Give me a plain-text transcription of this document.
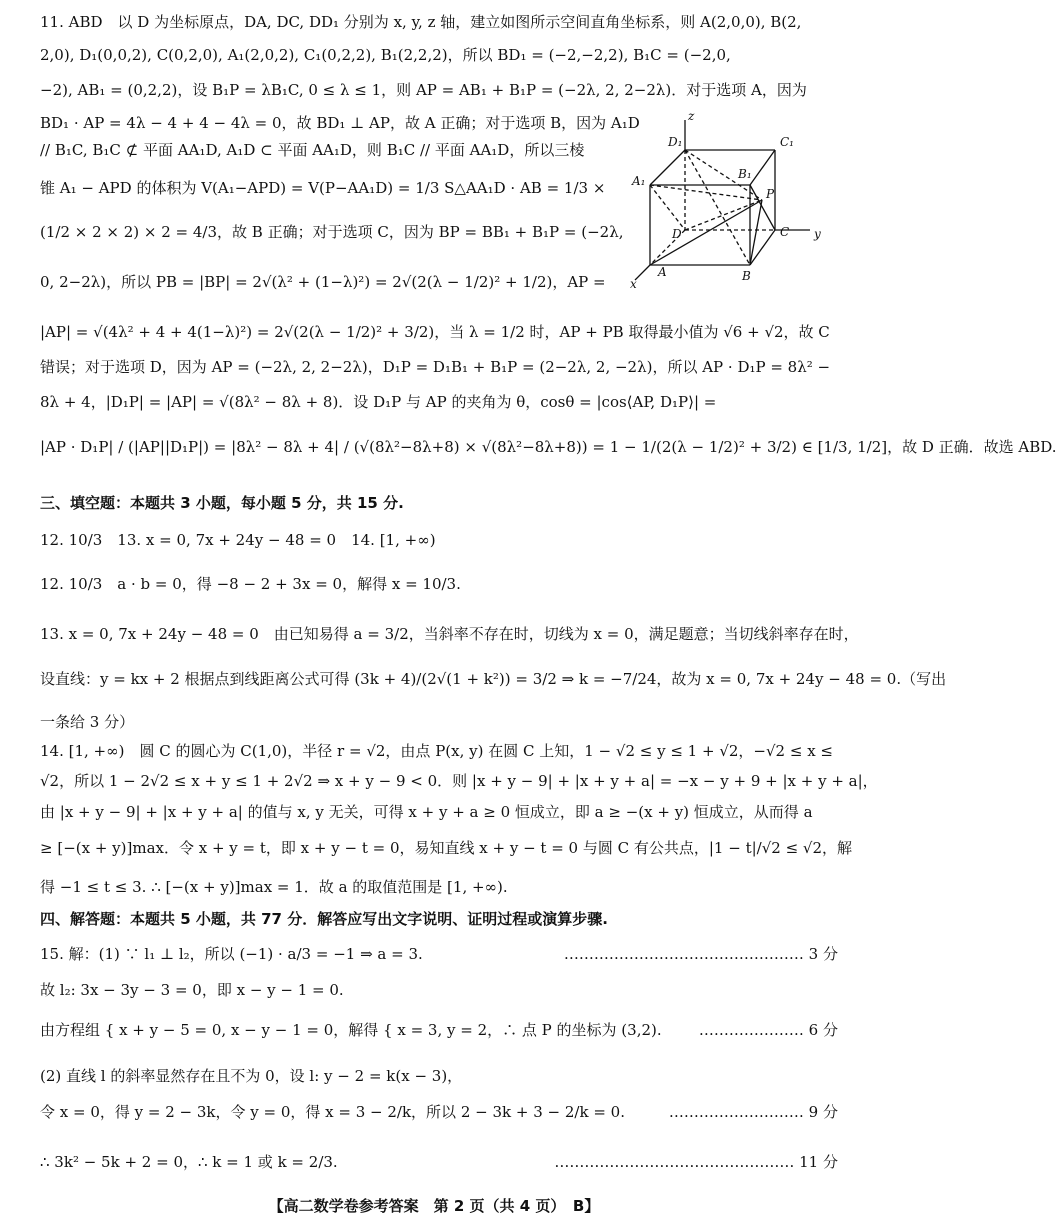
11. ABD　以 D 为坐标原点，DA, DC, DD₁ 分别为 x, y, z 轴，建立如图所示空间直角坐标系，则 A(2,0,0), B(2,
2,0), D₁(0,0,2), C(0,2,0), A₁(2,0,2), C₁(0,2,2), B₁(2,2,2)，所以 BD₁ = (−2,−2,2), B₁C = (−2,0,
−2), AB₁ = (0,2,2)，设 B₁P = λB₁C, 0 ≤ λ ≤ 1，则 AP = AB₁ + B₁P = (−2λ, 2, 2−2λ)．对于选项 A，因为
BD₁ · AP = 4λ − 4 + 4 − 4λ = 0，故 BD₁ ⊥ AP，故 A 正确；对于选项 B，因为 A₁D
// B₁C, B₁C ⊄ 平面 AA₁D, A₁D ⊂ 平面 AA₁D，则 B₁C // 平面 AA₁D，所以三棱
锥 A₁ − APD 的体积为 V(A₁−APD) = V(P−AA₁D) = 1/3 S△AA₁D · AB = 1/3 ×
(1/2 × 2 × 2) × 2 = 4/3，故 B 正确；对于选项 C，因为 BP = BB₁ + B₁P = (−2λ,
0, 2−2λ)，所以 PB = |BP| = 2√(λ² + (1−λ)²) = 2√(2(λ − 1/2)² + 1/2)，AP =
|AP| = √(4λ² + 4 + 4(1−λ)²) = 2√(2(λ − 1/2)² + 3/2)，当 λ = 1/2 时，AP + PB 取得最小值为 √6 + √2，故 C
错误；对于选项 D，因为 AP = (−2λ, 2, 2−2λ)，D₁P = D₁B₁ + B₁P = (2−2λ, 2, −2λ)，所以 AP · D₁P = 8λ² −
8λ + 4，|D₁P| = |AP| = √(8λ² − 8λ + 8)．设 D₁P 与 AP 的夹角为 θ，cosθ = |cos⟨AP, D₁P⟩| =
|AP · D₁P| / (|AP||D₁P|) = |8λ² − 8λ + 4| / (√(8λ²−8λ+8) × √(8λ²−8λ+8)) = 1 − 1/(2(λ − 1/2)² + 3/2) ∈ [1/3, 1/2]，故 D 正确．故选 ABD.
z
D₁	C₁
B₁
A₁
P
D	C y
A	B
x
三、填空题：本题共 3 小题，每小题 5 分，共 15 分.
12. 10/3　13. x = 0, 7x + 24y − 48 = 0　14. [1, +∞)
12. 10/3　a · b = 0，得 −8 − 2 + 3x = 0，解得 x = 10/3.
13. x = 0, 7x + 24y − 48 = 0　由已知易得 a = 3/2，当斜率不存在时，切线为 x = 0，满足题意；当切线斜率存在时，
设直线：y = kx + 2 根据点到线距离公式可得 (3k + 4)/(2√(1 + k²)) = 3/2 ⇒ k = −7/24，故为 x = 0, 7x + 24y − 48 = 0.（写出
一条给 3 分）
14. [1, +∞)　圆 C 的圆心为 C(1,0)，半径 r = √2，由点 P(x, y) 在圆 C 上知，1 − √2 ≤ y ≤ 1 + √2，−√2 ≤ x ≤
√2，所以 1 − 2√2 ≤ x + y ≤ 1 + 2√2 ⇒ x + y − 9 < 0．则 |x + y − 9| + |x + y + a| = −x − y + 9 + |x + y + a|，
由 |x + y − 9| + |x + y + a| 的值与 x, y 无关，可得 x + y + a ≥ 0 恒成立，即 a ≥ −(x + y) 恒成立，从而得 a
≥ [−(x + y)]max．令 x + y = t，即 x + y − t = 0，易知直线 x + y − t = 0 与圆 C 有公共点，|1 − t|/√2 ≤ √2，解
得 −1 ≤ t ≤ 3. ∴ [−(x + y)]max = 1．故 a 的取值范围是 [1, +∞).
四、解答题：本题共 5 小题，共 77 分．解答应写出文字说明、证明过程或演算步骤.
15. 解：(1) ∵ l₁ ⊥ l₂，所以 (−1) · a/3 = −1 ⇒ a = 3.	………………………………………… 3 分
故 l₂: 3x − 3y − 3 = 0，即 x − y − 1 = 0.
由方程组 { x + y − 5 = 0, x − y − 1 = 0，解得 { x = 3, y = 2，∴ 点 P 的坐标为 (3,2). ………………… 6 分
(2) 直线 l 的斜率显然存在且不为 0，设 l: y − 2 = k(x − 3)，
令 x = 0，得 y = 2 − 3k，令 y = 0，得 x = 3 − 2/k，所以 2 − 3k + 3 − 2/k = 0.	……………………… 9 分
∴ 3k² − 5k + 2 = 0，∴ k = 1 或 k = 2/3.	………………………………………… 11 分
【高二数学卷参考答案　第 2 页（共 4 页）　B】
